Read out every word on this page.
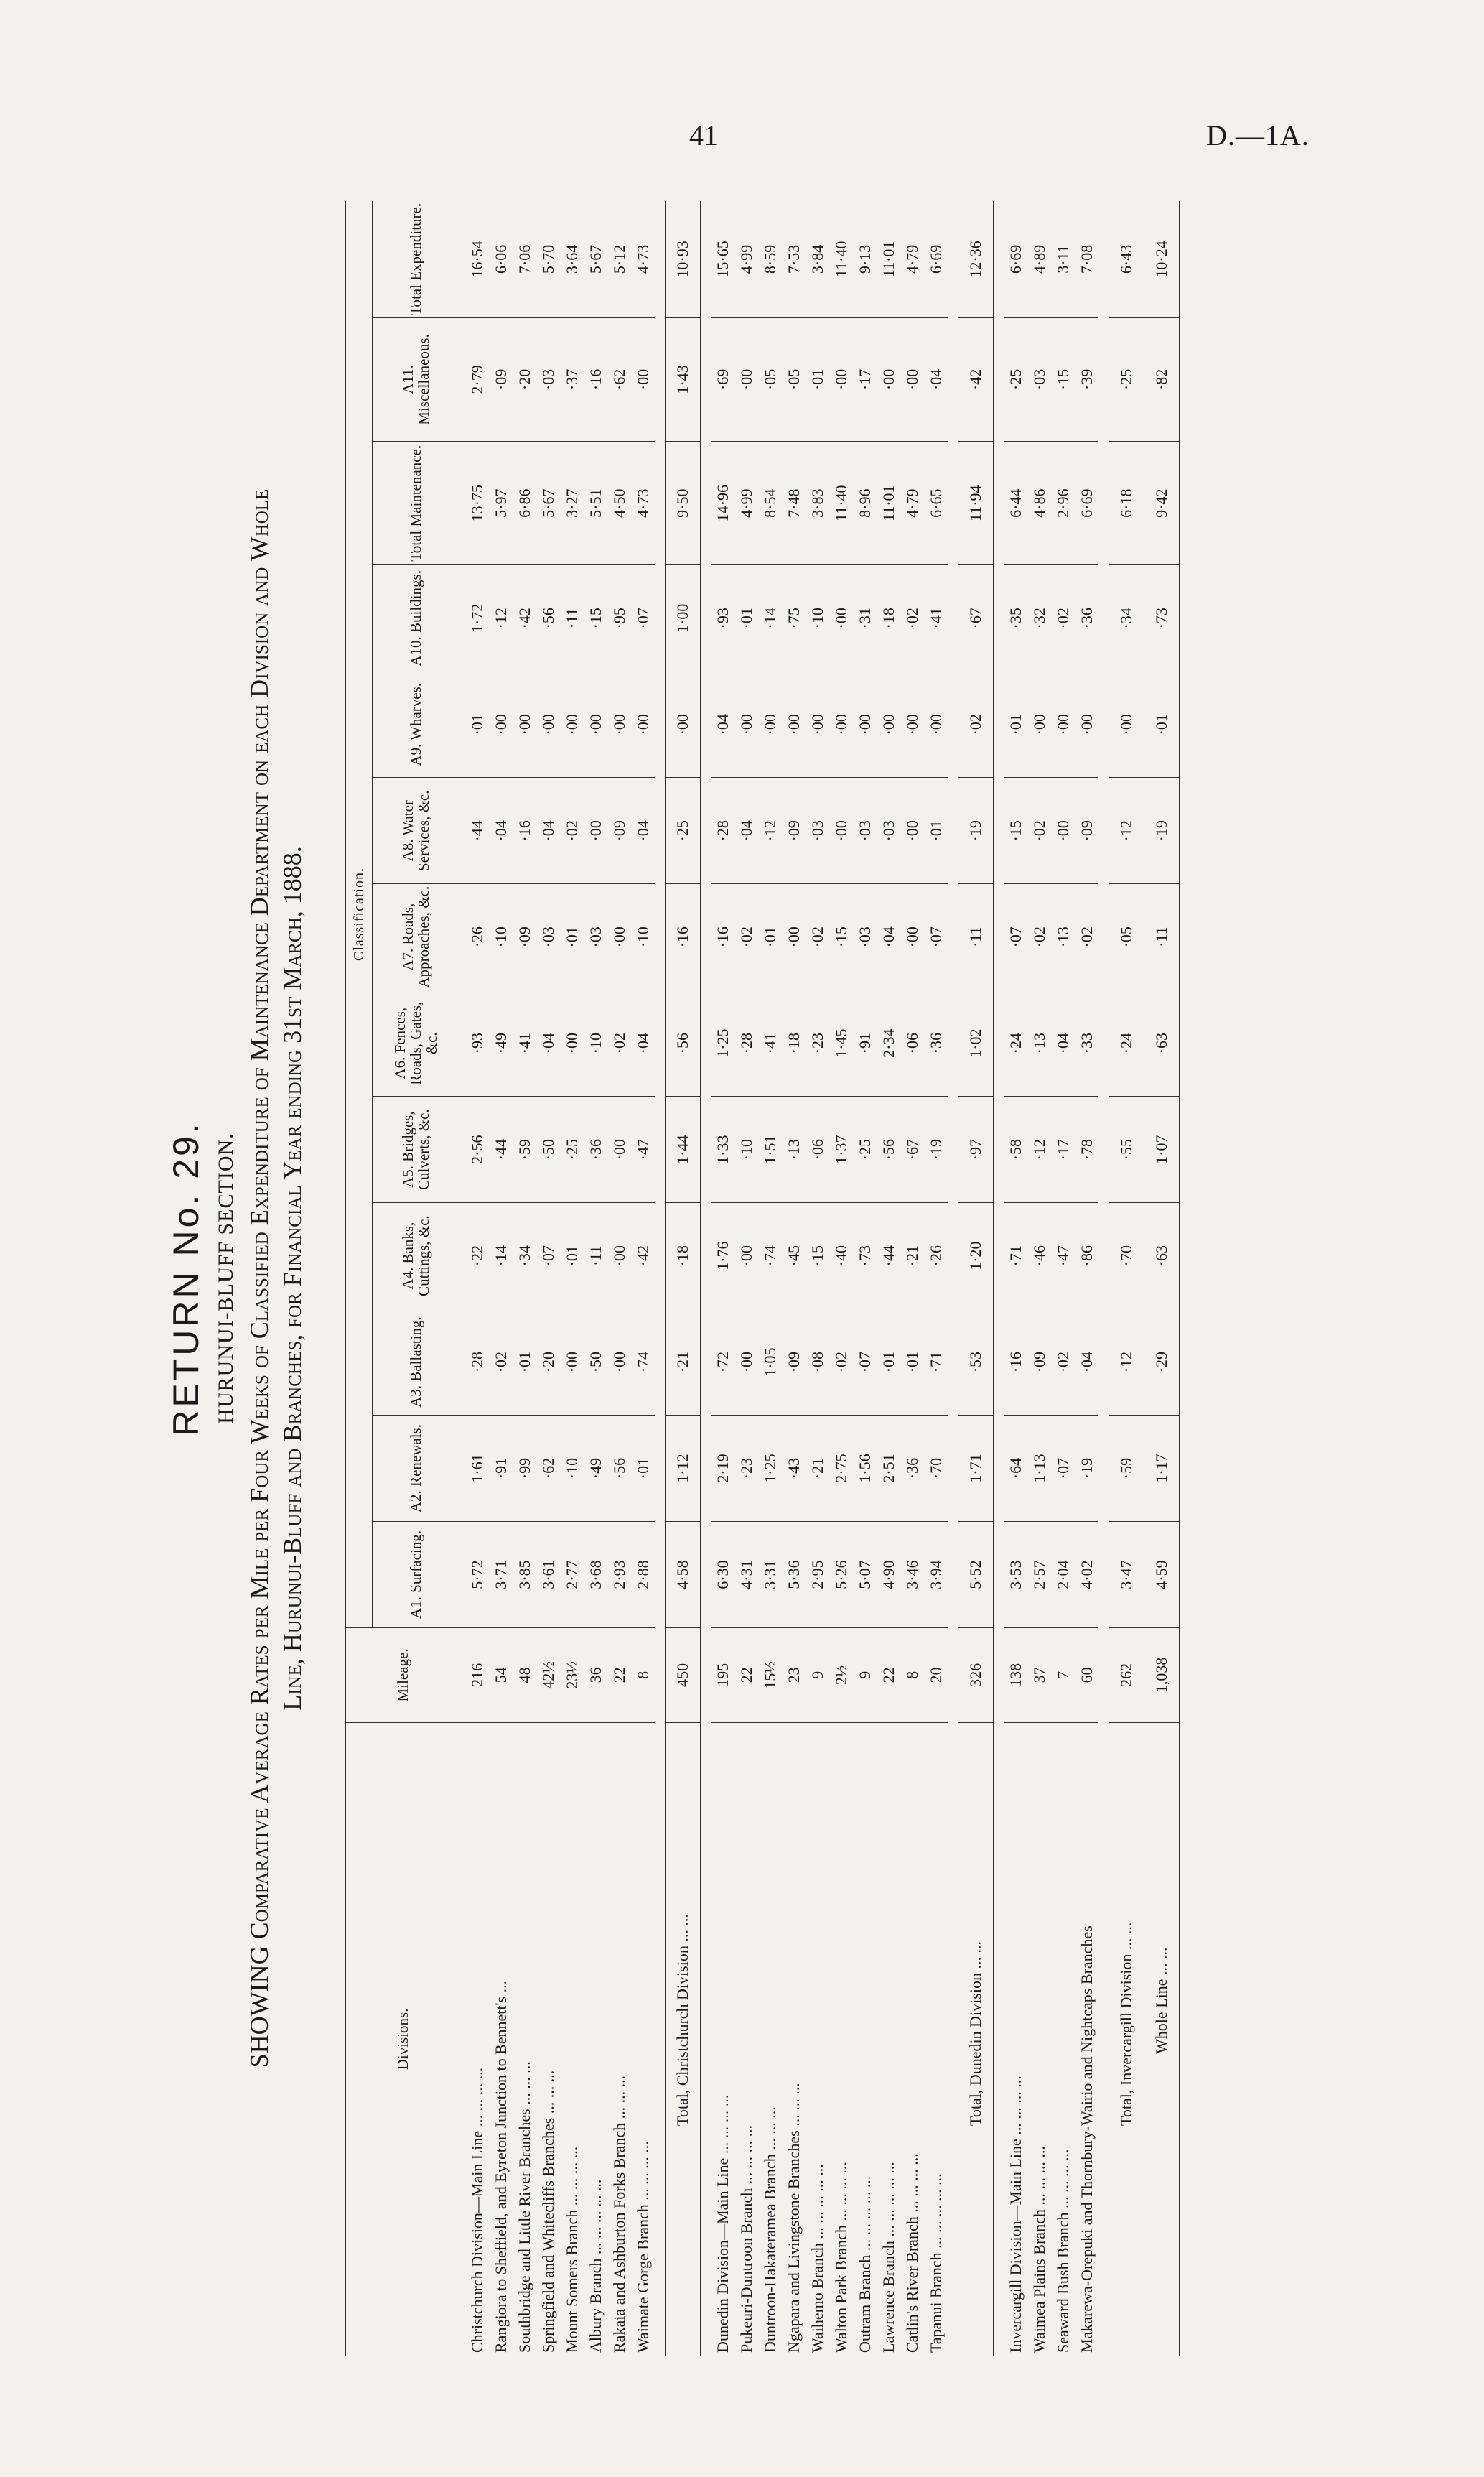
41	D.—1A.
RETURN No. 29. HURUNUI-BLUFF SECTION. SHOWING Comparative Average Rates per Mile per Four Weeks of Classified Expenditure of Maintenance Department on each Division and Whole Line, Hurunui-Bluff and Branches, for Financial Year ending 31st March, 1888.
Divisions.	Mileage.	Classification.												
		A1. Surfacing.	A2. Renewals.	A3. Ballasting.	A4. Banks, Cuttings, &c.	A5. Bridges, Culverts, &c.	A6. Fences, Roads, Gates, &c.	A7. Roads, Approaches, &c.	A8. Water Services, &c.	A9. Wharves.	A10. Buildings.	Total Maintenance.	A11. Miscellaneous.	Total Expenditure.
Christchurch Division—Main Line ... ... ... ...	216	5·72	1·61	·28	·22	2·56	·93	·26	·44	·01	1·72	13·75	2·79	16·54
Rangiora to Sheffield, and Eyreton Junction to Bennett's ...	54	3·71	·91	·02	·14	·44	·49	·10	·04	·00	·12	5·97	·09	6·06
Southbridge and Little River Branches ... ... ...	48	3·85	·99	·01	·34	·59	·41	·09	·16	·00	·42	6·86	·20	7·06
Springfield and Whitecliffs Branches ... ... ...	42½	3·61	·62	·20	·07	·50	·04	·03	·04	·00	·56	5·67	·03	5·70
Mount Somers Branch ... ... ... ...	23½	2·77	·10	·00	·01	·25	·00	·01	·02	·00	·11	3·27	·37	3·64
Albury Branch ... ... ... ... ...	36	3·68	·49	·50	·11	·36	·10	·03	·00	·00	·15	5·51	·16	5·67
Rakaia and Ashburton Forks Branch ... ... ...	22	2·93	·56	·00	·00	·00	·02	·00	·09	·00	·95	4·50	·62	5·12
Waimate Gorge Branch ... ... ... ...	8	2·88	·01	·74	·42	·47	·04	·10	·04	·00	·07	4·73	·00	4·73

Total, Christchurch Division ... ...	450	4·58	1·12	·21	·18	1·44	·56	·16	·25	·00	1·00	9·50	1·43	10·93

Dunedin Division—Main Line ... ... ... ...	195	6·30	2·19	·72	1·76	1·33	1·25	·16	·28	·04	·93	14·96	·69	15·65
Pukeuri-Duntroon Branch ... ... ... ...	22	4·31	·23	·00	·00	·10	·28	·02	·04	·00	·01	4·99	·00	4·99
Duntroon-Hakateramea Branch ... ... ...	15½	3·31	1·25	1·05	·74	1·51	·41	·01	·12	·00	·14	8·54	·05	8·59
Ngapara and Livingstone Branches ... ... ...	23	5·36	·43	·09	·45	·13	·18	·00	·09	·00	·75	7·48	·05	7·53
Waihemo Branch ... ... ... ... ...	9	2·95	·21	·08	·15	·06	·23	·02	·03	·00	·10	3·83	·01	3·84
Walton Park Branch ... ... ... ...	2½	5·26	2·75	·02	·40	1·37	1·45	·15	·00	·00	·00	11·40	·00	11·40
Outram Branch ... ... ... ... ...	9	5·07	1·56	·07	·73	·25	·91	·03	·03	·00	·31	8·96	·17	9·13
Lawrence Branch ... ... ... ... ...	22	4·90	2·51	·01	·44	·56	2·34	·04	·03	·00	·18	11·01	·00	11·01
Catlin's River Branch ... ... ... ...	8	3·46	·36	·01	·21	·67	·06	·00	·00	·00	·02	4·79	·00	4·79
Tapanui Branch ... ... ... ... ...	20	3·94	·70	·71	·26	·19	·36	·07	·01	·00	·41	6·65	·04	6·69

Total, Dunedin Division ... ...	326	5·52	1·71	·53	1·20	·97	1·02	·11	·19	·02	·67	11·94	·42	12·36

Invercargill Division—Main Line ... ... ... ...	138	3·53	·64	·16	·71	·58	·24	·07	·15	·01	·35	6·44	·25	6·69
Waimea Plains Branch ... ... ... ...	37	2·57	1·13	·09	·46	·12	·13	·02	·02	·00	·32	4·86	·03	4·89
Seaward Bush Branch ... ... ... ...	7	2·04	·07	·02	·47	·17	·04	·13	·00	·00	·02	2·96	·15	3·11
Makarewa-Orepuki and Thornbury-Wairio and Nightcaps Branches	60	4·02	·19	·04	·86	·78	·33	·02	·09	·00	·36	6·69	·39	7·08

Total, Invercargill Division ... ...	262	3·47	·59	·12	·70	·55	·24	·05	·12	·00	·34	6·18	·25	6·43
Whole Line ... ...	1,038	4·59	1·17	·29	·63	1·07	·63	·11	·19	·01	·73	9·42	·82	10·24
